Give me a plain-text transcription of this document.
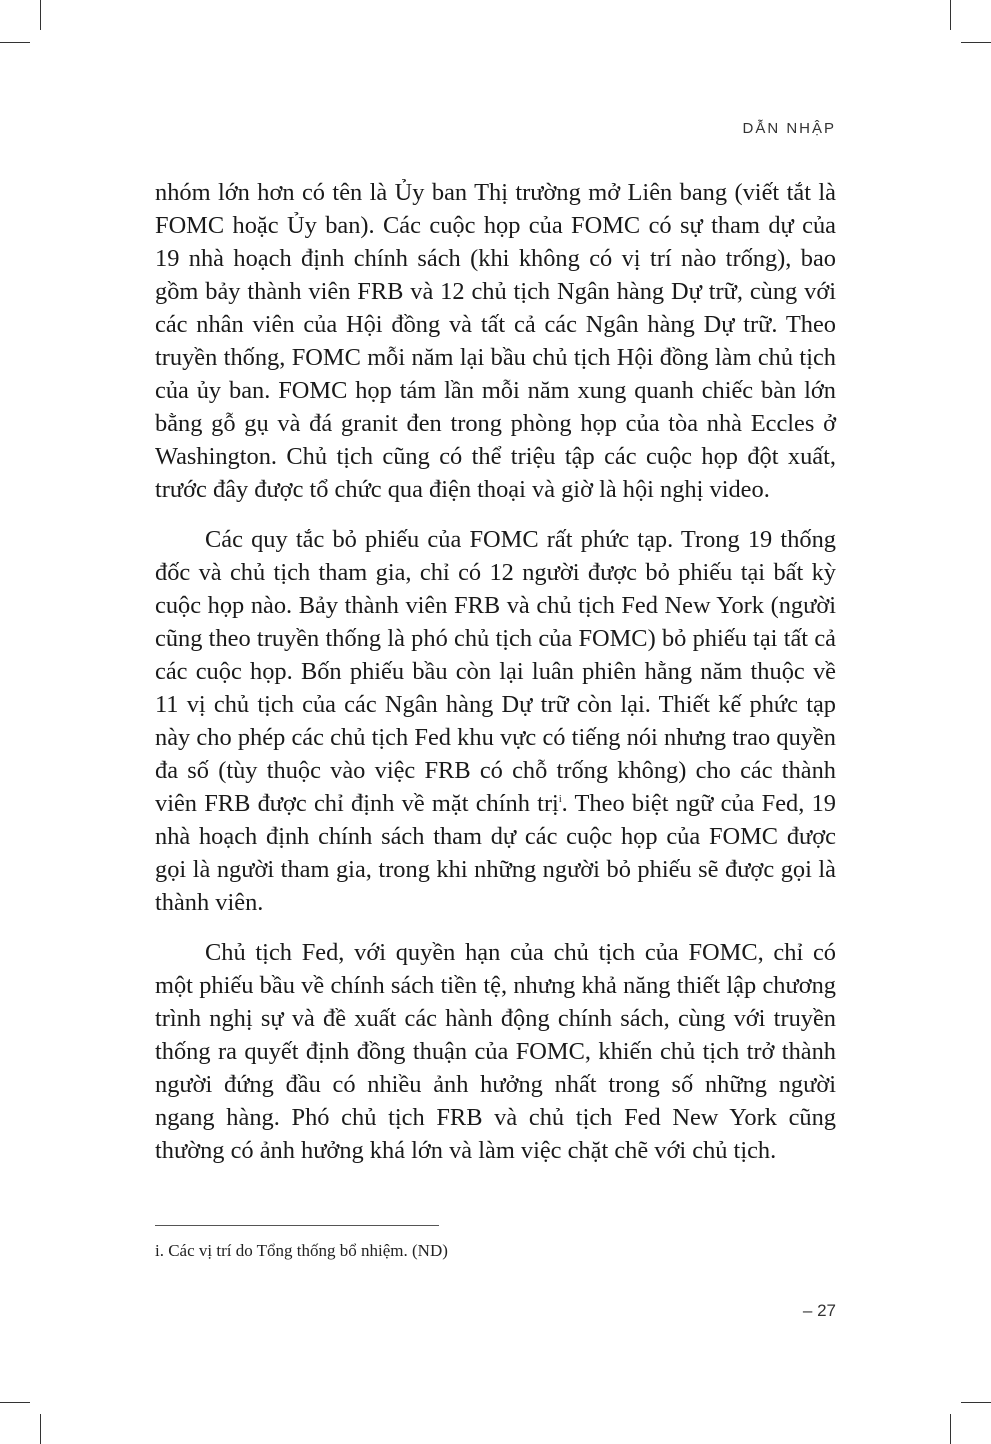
DẪN NHẬP

nhóm lớn hơn có tên là Ủy ban Thị trường mở Liên bang (viết tắt là FOMC hoặc Ủy ban). Các cuộc họp của FOMC có sự tham dự của 19 nhà hoạch định chính sách (khi không có vị trí nào trống), bao gồm bảy thành viên FRB và 12 chủ tịch Ngân hàng Dự trữ, cùng với các nhân viên của Hội đồng và tất cả các Ngân hàng Dự trữ. Theo truyền thống, FOMC mỗi năm lại bầu chủ tịch Hội đồng làm chủ tịch của ủy ban. FOMC họp tám lần mỗi năm xung quanh chiếc bàn lớn bằng gỗ gụ và đá granit đen trong phòng họp của tòa nhà Eccles ở Washington. Chủ tịch cũng có thể triệu tập các cuộc họp đột xuất, trước đây được tổ chức qua điện thoại và giờ là hội nghị video.

Các quy tắc bỏ phiếu của FOMC rất phức tạp. Trong 19 thống đốc và chủ tịch tham gia, chỉ có 12 người được bỏ phiếu tại bất kỳ cuộc họp nào. Bảy thành viên FRB và chủ tịch Fed New York (người cũng theo truyền thống là phó chủ tịch của FOMC) bỏ phiếu tại tất cả các cuộc họp. Bốn phiếu bầu còn lại luân phiên hằng năm thuộc về 11 vị chủ tịch của các Ngân hàng Dự trữ còn lại. Thiết kế phức tạp này cho phép các chủ tịch Fed khu vực có tiếng nói nhưng trao quyền đa số (tùy thuộc vào việc FRB có chỗ trống không) cho các thành viên FRB được chỉ định về mặt chính trị$^i$. Theo biệt ngữ của Fed, 19 nhà hoạch định chính sách tham dự các cuộc họp của FOMC được gọi là người tham gia, trong khi những người bỏ phiếu sẽ được gọi là thành viên.

Chủ tịch Fed, với quyền hạn của chủ tịch của FOMC, chỉ có một phiếu bầu về chính sách tiền tệ, nhưng khả năng thiết lập chương trình nghị sự và đề xuất các hành động chính sách, cùng với truyền thống ra quyết định đồng thuận của FOMC, khiến chủ tịch trở thành người đứng đầu có nhiều ảnh hưởng nhất trong số những người ngang hàng. Phó chủ tịch FRB và chủ tịch Fed New York cũng thường có ảnh hưởng khá lớn và làm việc chặt chẽ với chủ tịch.

i. Các vị trí do Tổng thống bổ nhiệm. (ND)
– 27
